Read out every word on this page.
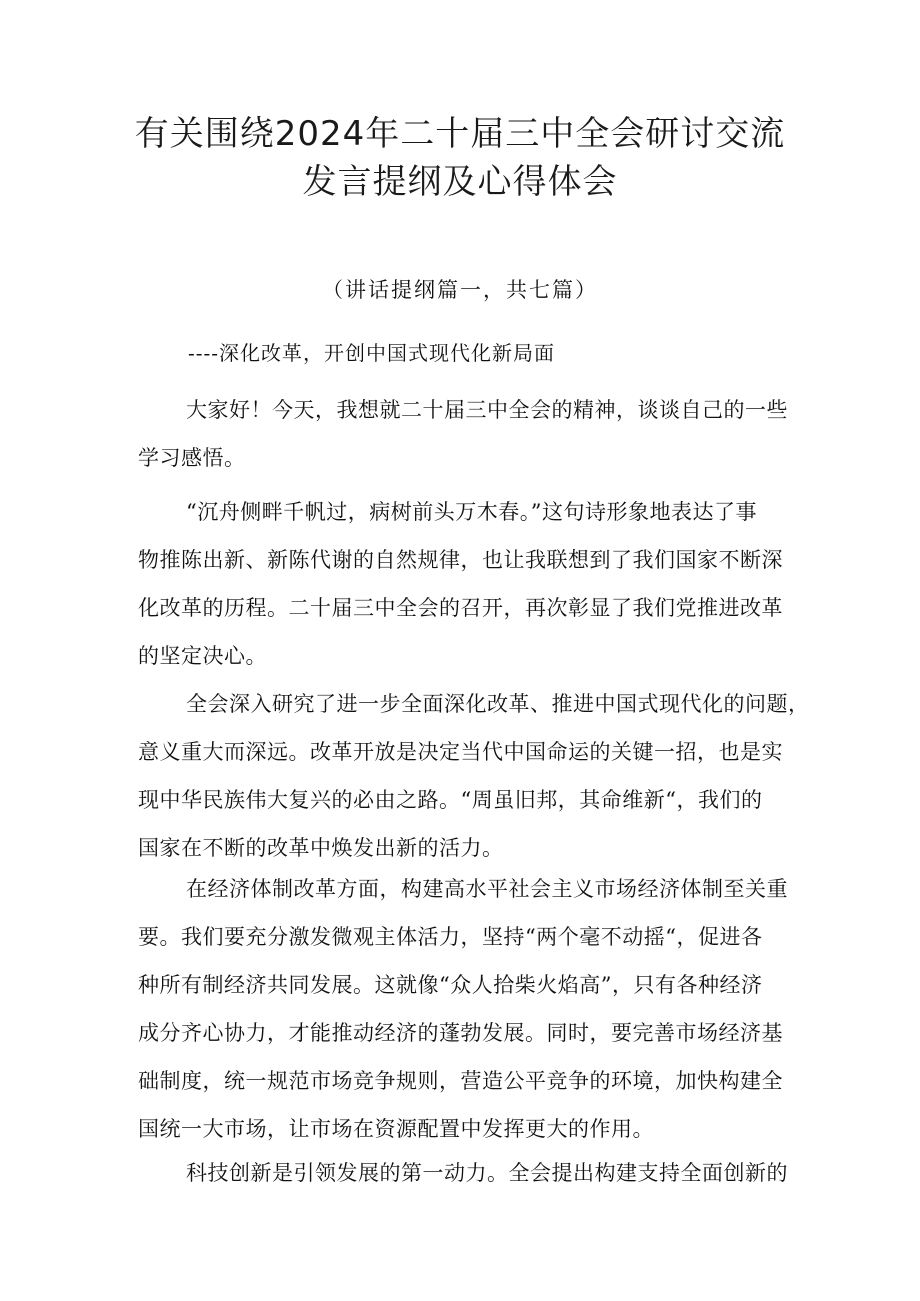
有关围绕2024年二十届三中全会研讨交流
发言提纲及心得体会
（讲话提纲篇一，共七篇）
----深化改革，开创中国式现代化新局面
大家好！今天，我想就二十届三中全会的精神，谈谈自己的一些
学习感悟。
“沉舟侧畔千帆过，病树前头万木春。”这句诗形象地表达了事
物推陈出新、新陈代谢的自然规律，也让我联想到了我们国家不断深
化改革的历程。二十届三中全会的召开，再次彰显了我们党推进改革
的坚定决心。
全会深入研究了进一步全面深化改革、推进中国式现代化的问题，
意义重大而深远。改革开放是决定当代中国命运的关键一招，也是实
现中华民族伟大复兴的必由之路。“周虽旧邦，其命维新“，我们的
国家在不断的改革中焕发出新的活力。
在经济体制改革方面，构建高水平社会主义市场经济体制至关重
要。我们要充分激发微观主体活力，坚持“两个毫不动摇“，促进各
种所有制经济共同发展。这就像“众人拾柴火焰高”，只有各种经济
成分齐心协力，才能推动经济的蓬勃发展。同时，要完善市场经济基
础制度，统一规范市场竞争规则，营造公平竞争的环境，加快构建全
国统一大市场，让市场在资源配置中发挥更大的作用。
科技创新是引领发展的第一动力。全会提出构建支持全面创新的
